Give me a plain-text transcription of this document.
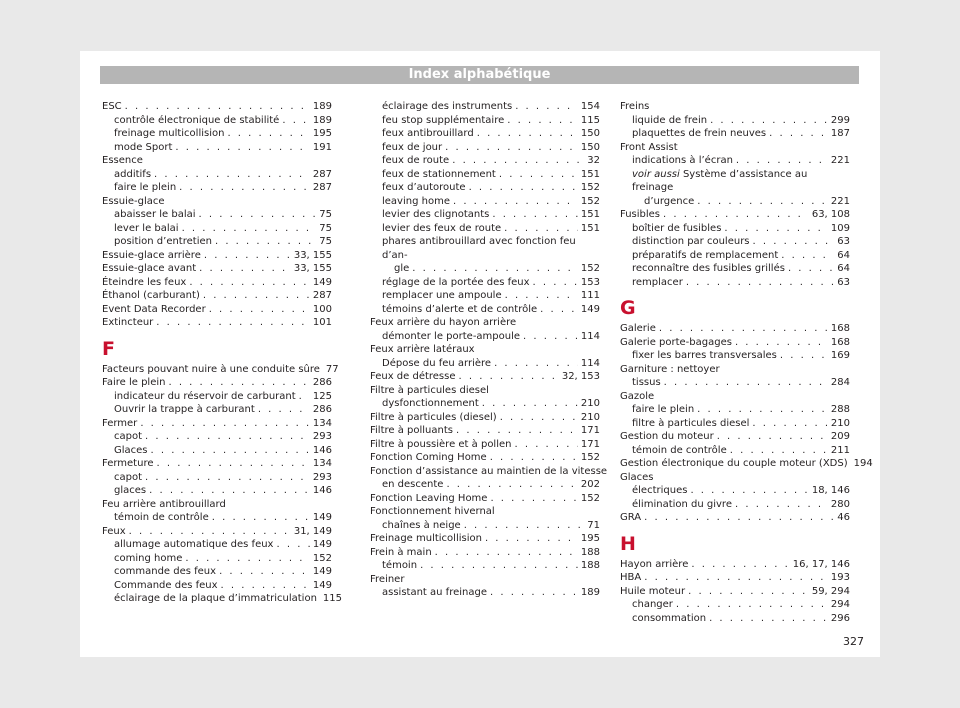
Index alphabétique
ESC . . .	189
contrôle électronique de stabilité . . .	189
freinage multicollision . . .	195
mode Sport . . .	191
Essence
additifs . . .	287
faire le plein . . .	287
Essuie-glace
abaisser le balai . . .	75
lever le balai . . .	75
position d’entretien . . .	75
Essuie-glace arrière . . .	33, 155
Essuie-glace avant . . .	33, 155
Éteindre les feux . . .	149
Éthanol (carburant) . . .	287
Event Data Recorder . . .	100
Extincteur . . .	101
F
Facteurs pouvant nuire à une conduite sûre 77
Faire le plein . . .	286
indicateur du réservoir de carburant . . . 125
Ouvrir la trappe à carburant . . .	286
Fermer . . .	134
capot . . .	293
Glaces . . .	146
Fermeture . . .	134
capot . . .	293
glaces . . .	146
Feu arrière antibrouillard
témoin de contrôle . . .	149
Feux . . .	31, 149
allumage automatique des feux . . .	149
coming home . . .	152
commande des feux . . .	149
Commande des feux . . .	149
éclairage de la plaque d’immatriculation 115
éclairage des instruments . . .	154
feu stop supplémentaire . . .	115
feux antibrouillard . . .	150
feux de jour . . .	150
feux de route . . .	32
feux de stationnement . . .	151
feux d’autoroute . . .	152
leaving home . . .	152
levier des clignotants . . .	151
levier des feux de route . . .	151
phares antibrouillard avec fonction feu d’an-
gle . . .	152
réglage de la portée des feux . . .	153
remplacer une ampoule . . .	111
témoins d’alerte et de contrôle . . .	149
Feux arrière du hayon arrière
démonter le porte-ampoule . . .	114
Feux arrière latéraux
Dépose du feu arrière . . .	114
Feux de détresse . . .	32, 153
Filtre à particules diesel
dysfonctionnement . . .	210
Filtre à particules (diesel) . . .	210
Filtre à polluants . . .	171
Filtre à poussière et à pollen . . .	171
Fonction Coming Home . . .	152
Fonction d’assistance au maintien de la vitesse
en descente . . .	202
Fonction Leaving Home . . .	152
Fonctionnement hivernal
chaînes à neige . . .	71
Freinage multicollision . . .	195
Frein à main . . .	188
témoin . . .	188
Freiner
assistant au freinage . . .	189
Freins
liquide de frein . . .	299
plaquettes de frein neuves . . .	187
Front Assist
indications à l’écran . . .	221
voir aussi Système d’assistance au freinage
d’urgence . . .	221
Fusibles . . .	63, 108
boîtier de fusibles . . .	109
distinction par couleurs . . .	63
préparatifs de remplacement . . .	64
reconnaître des fusibles grillés . . .	64
remplacer . . .	63
G
Galerie . . .	168
Galerie porte-bagages . . .	168
fixer les barres transversales . . .	169
Garniture : nettoyer
tissus . . .	284
Gazole
faire le plein . . .	288
filtre à particules diesel . . .	210
Gestion du moteur . . .	209
témoin de contrôle . . .	211
Gestion électronique du couple moteur (XDS) 194
Glaces
électriques . . .	18, 146
élimination du givre . . .	280
GRA . . .	46
H
Hayon arrière . . .	16, 17, 146
HBA . . .	193
Huile moteur . . .	59, 294
changer . . .	294
consommation . . .	296
327
